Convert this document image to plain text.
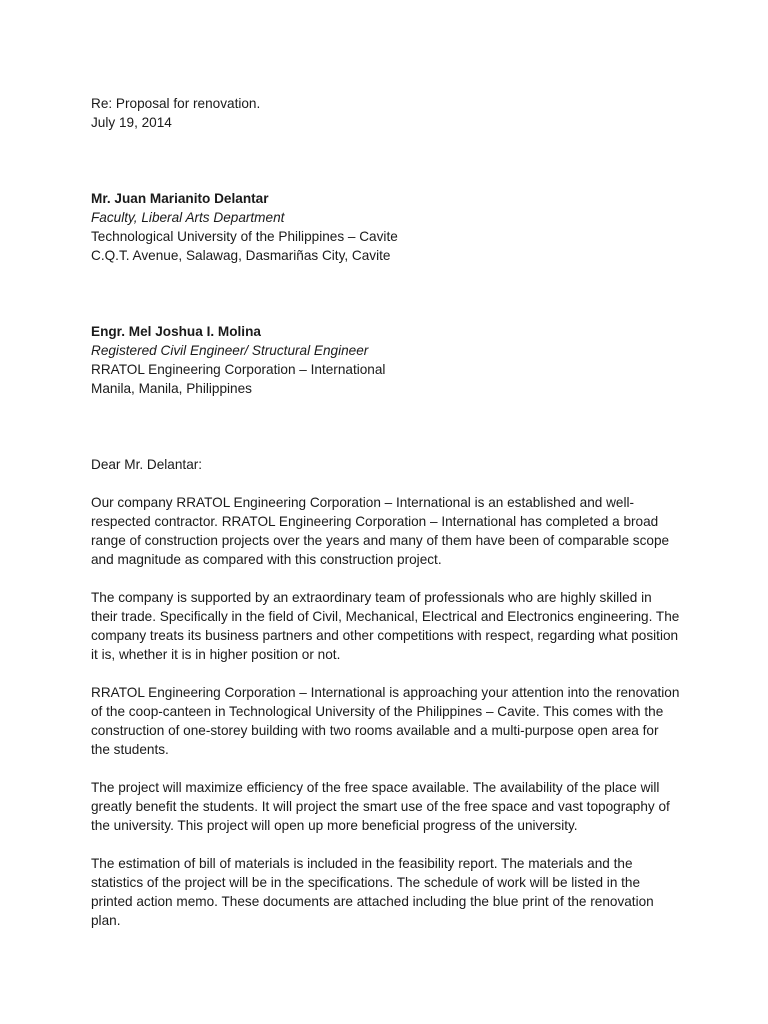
Re: Proposal for renovation.
July 19, 2014
Mr. Juan Marianito Delantar
Faculty, Liberal Arts Department
Technological University of the Philippines – Cavite
C.Q.T. Avenue, Salawag, Dasmariñas City, Cavite
Engr. Mel Joshua I. Molina
Registered Civil Engineer/ Structural Engineer
RRATOL Engineering Corporation – International
Manila, Manila, Philippines
Dear Mr. Delantar:

Our company RRATOL Engineering Corporation – International is an established and well-respected contractor. RRATOL Engineering Corporation – International has completed a broad range of construction projects over the years and many of them have been of comparable scope and magnitude as compared with this construction project.

The company is supported by an extraordinary team of professionals who are highly skilled in their trade. Specifically in the field of Civil, Mechanical, Electrical and Electronics engineering. The company treats its business partners and other competitions with respect, regarding what position it is, whether it is in higher position or not.

RRATOL Engineering Corporation – International is approaching your attention into the renovation of the coop-canteen in Technological University of the Philippines – Cavite. This comes with the construction of one-storey building with two rooms available and a multi-purpose open area for the students.

The project will maximize efficiency of the free space available. The availability of the place will greatly benefit the students. It will project the smart use of the free space and vast topography of the university. This project will open up more beneficial progress of the university.

The estimation of bill of materials is included in the feasibility report. The materials and the statistics of the project will be in the specifications. The schedule of work will be listed in the printed action memo. These documents are attached including the blue print of the renovation plan.
